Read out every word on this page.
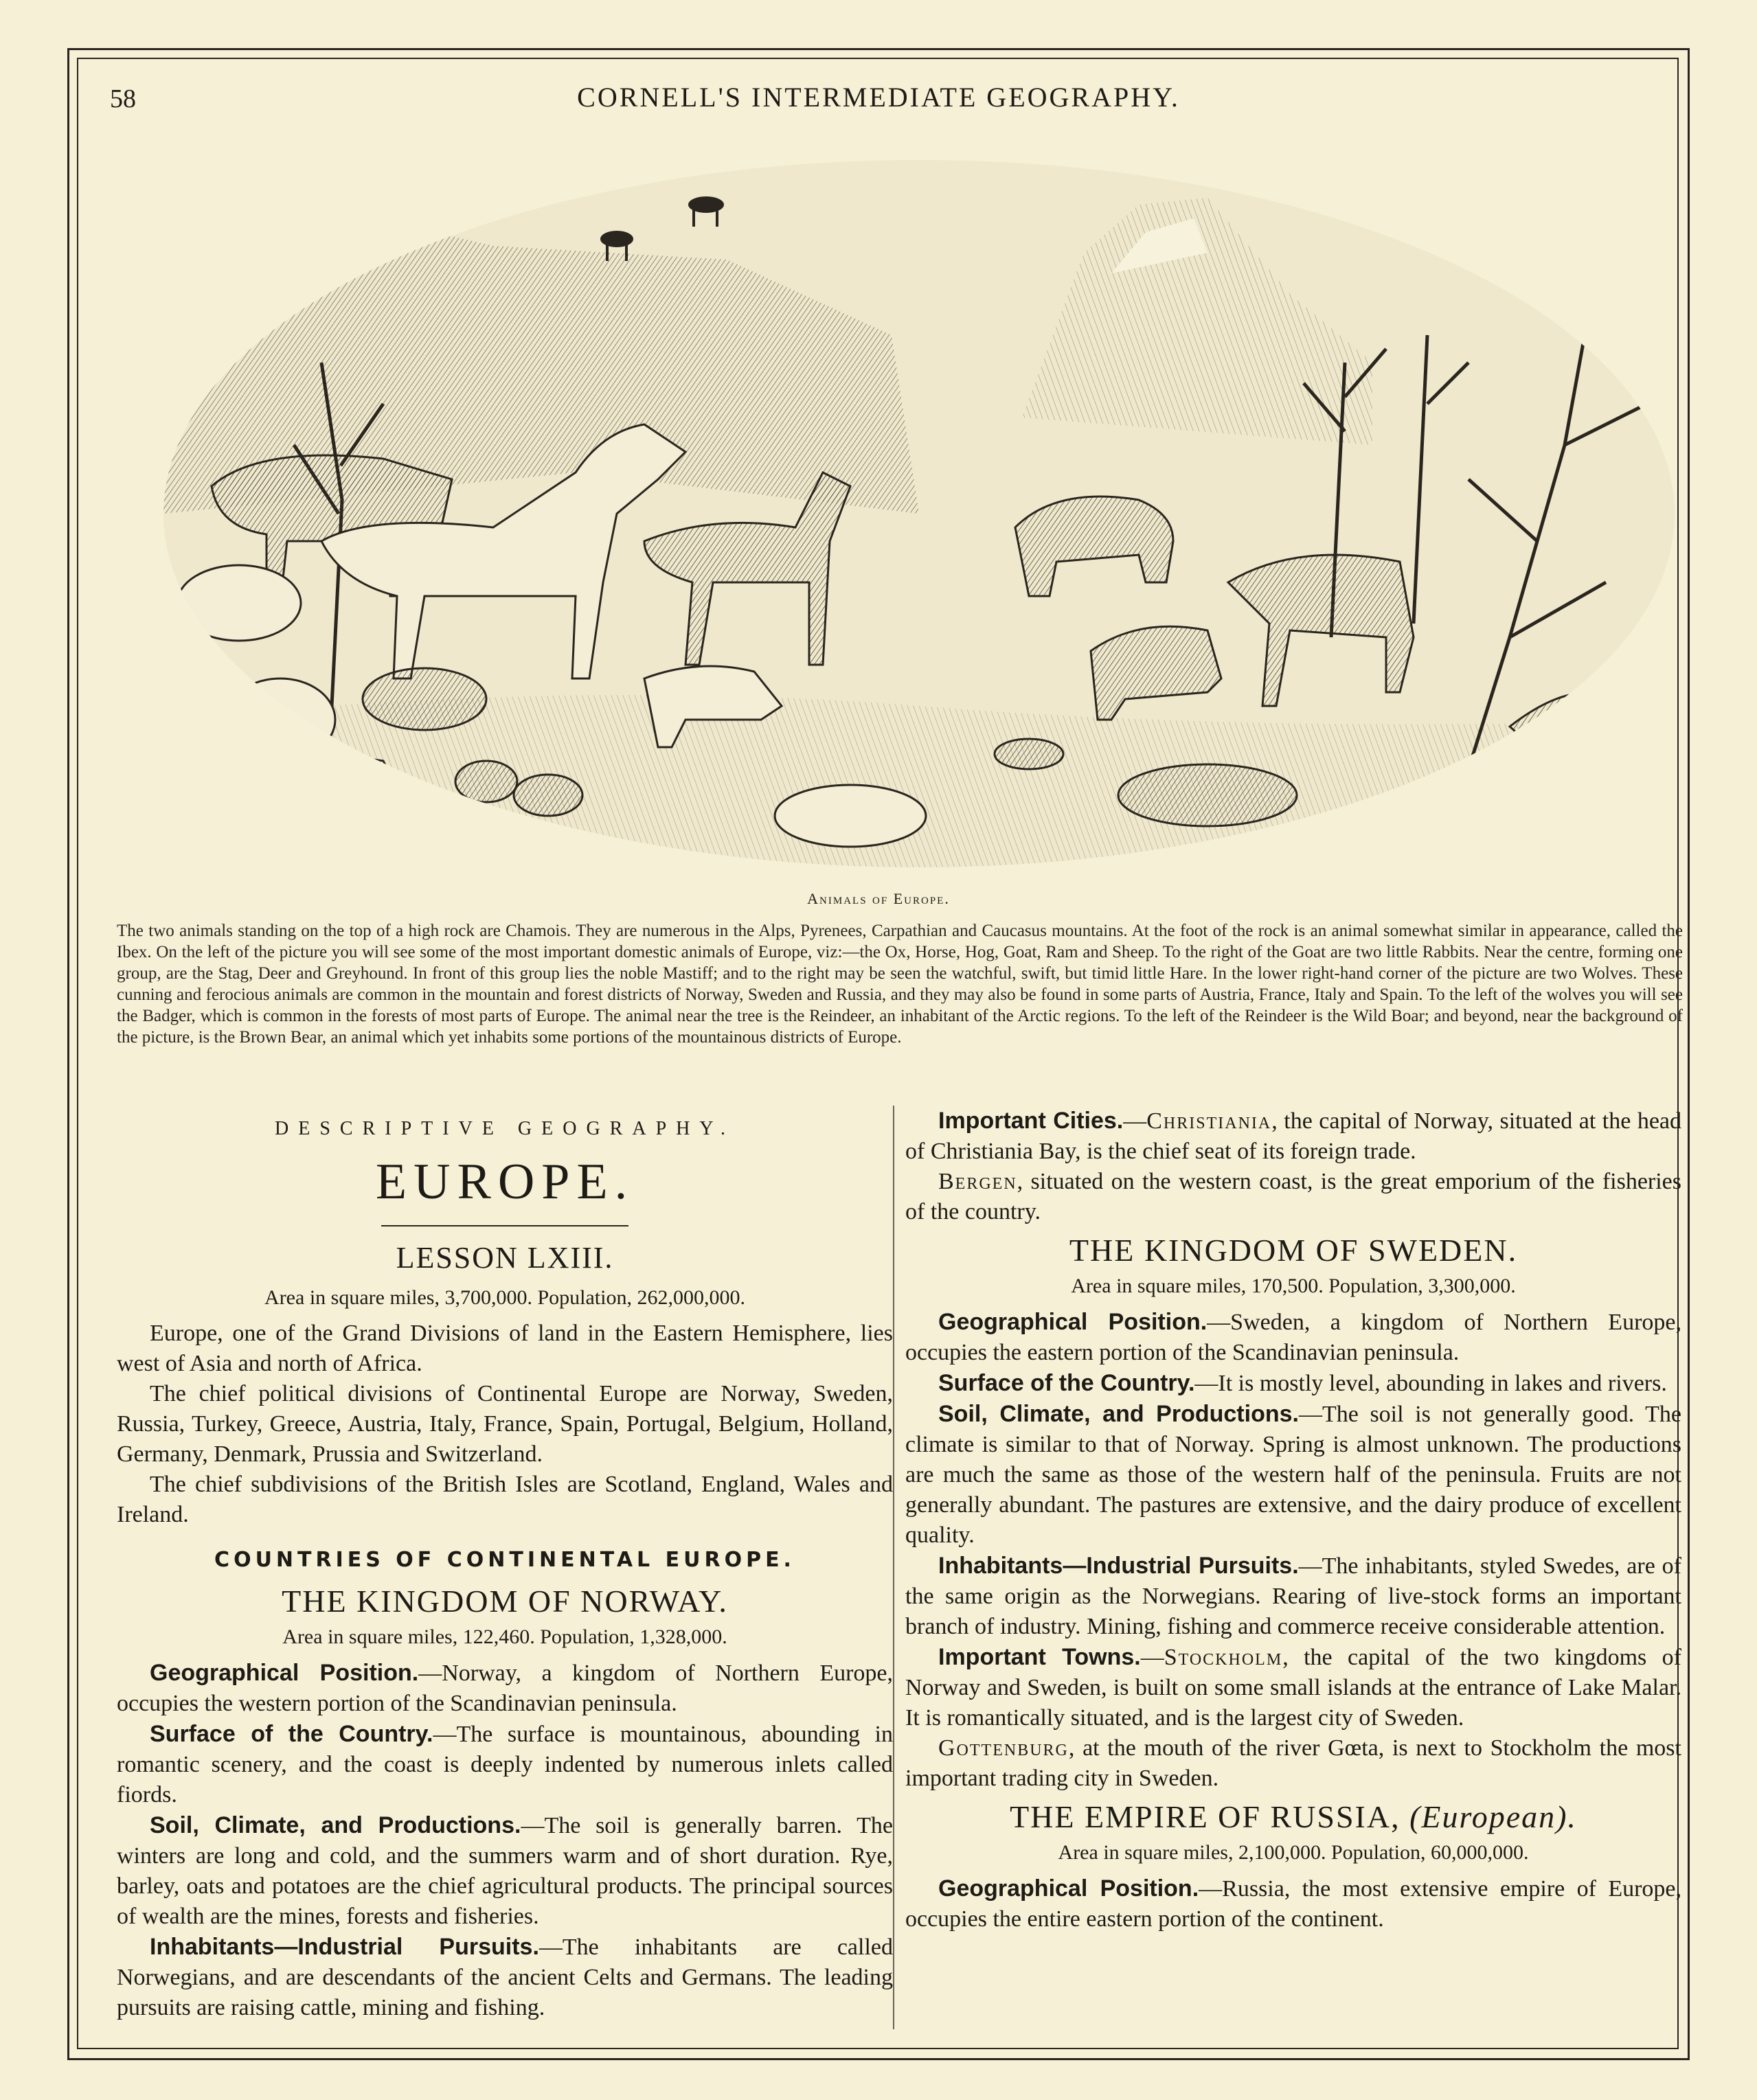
58	CORNELL'S INTERMEDIATE GEOGRAPHY.
Animals of Europe.
The two animals standing on the top of a high rock are Chamois. They are numerous in the Alps, Pyrenees, Carpathian and Caucasus mountains. At the foot of the rock is an animal somewhat similar in appearance, called the Ibex. On the left of the picture you will see some of the most important domestic animals of Europe, viz:—the Ox, Horse, Hog, Goat, Ram and Sheep. To the right of the Goat are two little Rabbits. Near the centre, forming one group, are the Stag, Deer and Greyhound. In front of this group lies the noble Mastiff; and to the right may be seen the watchful, swift, but timid little Hare. In the lower right-hand corner of the picture are two Wolves. These cunning and ferocious animals are common in the mountain and forest districts of Norway, Sweden and Russia, and they may also be found in some parts of Austria, France, Italy and Spain. To the left of the wolves you will see the Badger, which is common in the forests of most parts of Europe. The animal near the tree is the Reindeer, an inhabitant of the Arctic regions. To the left of the Reindeer is the Wild Boar; and beyond, near the background of the picture, is the Brown Bear, an animal which yet inhabits some portions of the mountainous districts of Europe.

DESCRIPTIVE GEOGRAPHY.

EUROPE.

LESSON LXIII.

Area in square miles, 3,700,000. Population, 262,000,000.

Europe, one of the Grand Divisions of land in the Eastern Hemisphere, lies west of Asia and north of Africa.

The chief political divisions of Continental Europe are Norway, Sweden, Russia, Turkey, Greece, Austria, Italy, France, Spain, Portugal, Belgium, Holland, Germany, Denmark, Prussia and Switzerland.

The chief subdivisions of the British Isles are Scotland, England, Wales and Ireland.

COUNTRIES OF CONTINENTAL EUROPE.

THE KINGDOM OF NORWAY.

Area in square miles, 122,460. Population, 1,328,000.

Geographical Position.—Norway, a kingdom of Northern Europe, occupies the western portion of the Scandinavian peninsula.

Surface of the Country.—The surface is mountainous, abounding in romantic scenery, and the coast is deeply indented by numerous inlets called fiords.

Soil, Climate, and Productions.—The soil is generally barren. The winters are long and cold, and the summers warm and of short duration. Rye, barley, oats and potatoes are the chief agricultural products. The principal sources of wealth are the mines, forests and fisheries.

Inhabitants—Industrial Pursuits.—The inhabitants are called Norwegians, and are descendants of the ancient Celts and Germans. The leading pursuits are raising cattle, mining and fishing.

Important Cities.—Christiania, the capital of Norway, situated at the head of Christiania Bay, is the chief seat of its foreign trade.

Bergen, situated on the western coast, is the great emporium of the fisheries of the country.

THE KINGDOM OF SWEDEN.

Area in square miles, 170,500. Population, 3,300,000.

Geographical Position.—Sweden, a kingdom of Northern Europe, occupies the eastern portion of the Scandinavian peninsula.

Surface of the Country.—It is mostly level, abounding in lakes and rivers.

Soil, Climate, and Productions.—The soil is not generally good. The climate is similar to that of Norway. Spring is almost unknown. The productions are much the same as those of the western half of the peninsula. Fruits are not generally abundant. The pastures are extensive, and the dairy produce of excellent quality.

Inhabitants—Industrial Pursuits.—The inhabitants, styled Swedes, are of the same origin as the Norwegians. Rearing of live-stock forms an important branch of industry. Mining, fishing and commerce receive considerable attention.

Important Towns.—Stockholm, the capital of the two kingdoms of Norway and Sweden, is built on some small islands at the entrance of Lake Malar. It is romantically situated, and is the largest city of Sweden.

Gottenburg, at the mouth of the river Gœta, is next to Stockholm the most important trading city in Sweden.

THE EMPIRE OF RUSSIA, (European).

Area in square miles, 2,100,000. Population, 60,000,000.

Geographical Position.—Russia, the most extensive empire of Europe, occupies the entire eastern portion of the continent.
